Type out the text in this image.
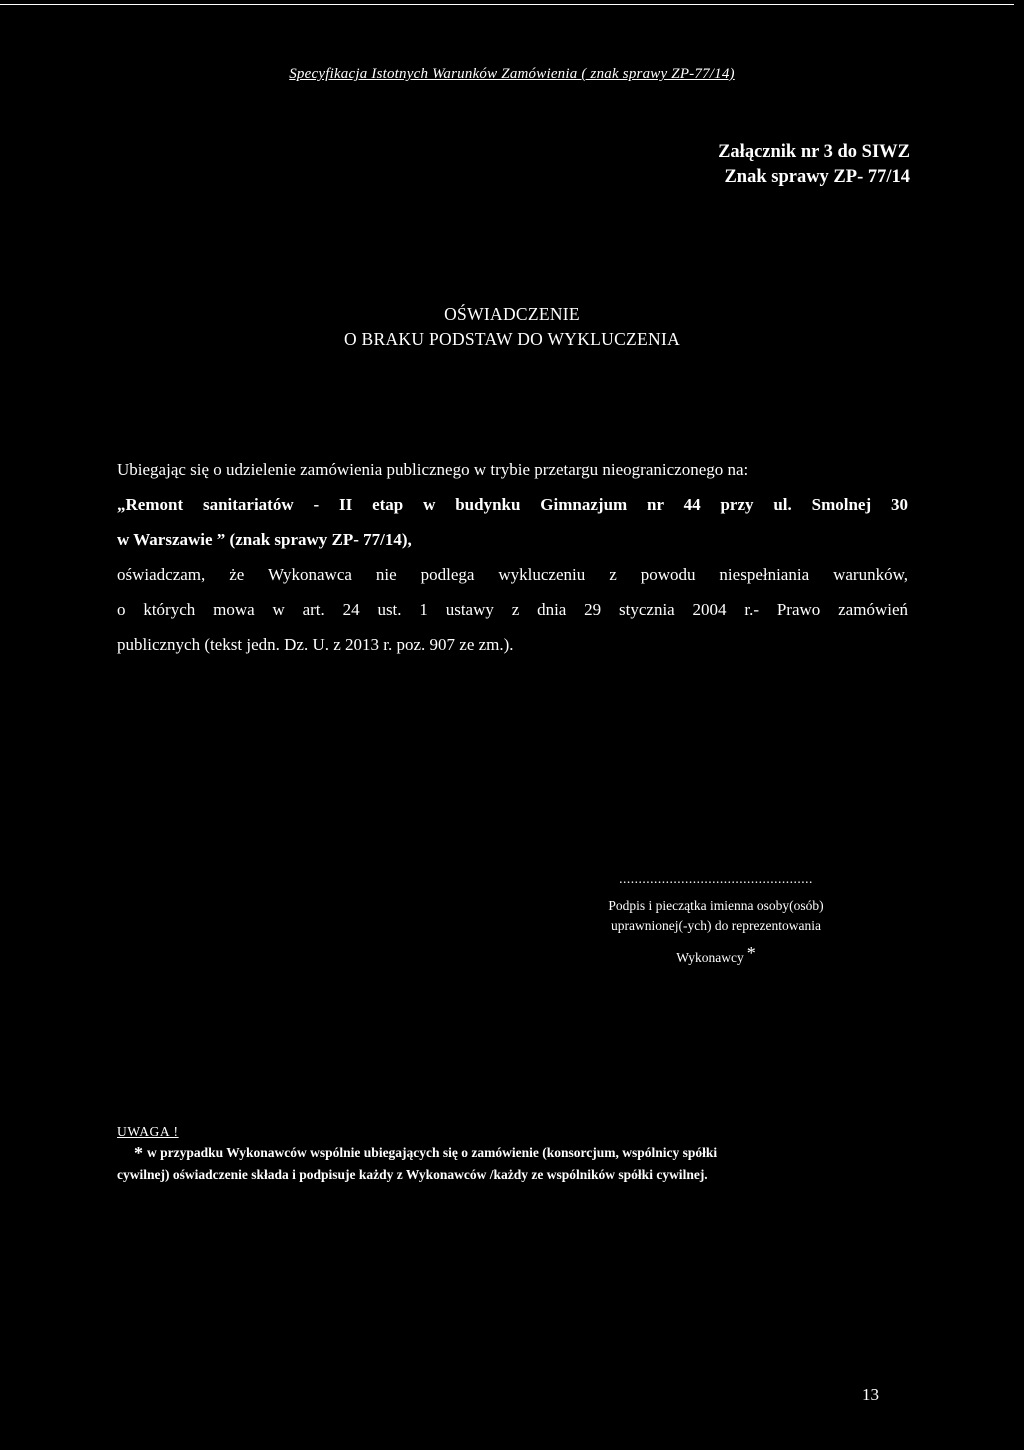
Specyfikacja Istotnych Warunków Zamówienia ( znak sprawy ZP-77/14)
Załącznik nr 3 do SIWZ
Znak sprawy ZP- 77/14
OŚWIADCZENIE
O BRAKU PODSTAW DO WYKLUCZENIA
Ubiegając się o udzielenie zamówienia publicznego w trybie przetargu nieograniczonego na:
„Remont sanitariatów - II etap w budynku Gimnazjum nr 44 przy ul. Smolnej 30
w Warszawie ” (znak sprawy ZP- 77/14),
oświadczam, że Wykonawca nie podlega wykluczeniu z powodu niespełniania warunków,
o których mowa w art. 24 ust. 1 ustawy z dnia 29 stycznia 2004 r.- Prawo zamówień
publicznych (tekst jedn. Dz. U. z 2013 r. poz. 907 ze zm.).
..................................................
Podpis i pieczątka imienna osoby(osób)
uprawnionej(-ych) do reprezentowania
Wykonawcy *
UWAGA !
* w przypadku Wykonawców wspólnie ubiegających się o zamówienie (konsorcjum, wspólnicy spółki
cywilnej) oświadczenie składa i podpisuje każdy z Wykonawców /każdy ze wspólników spółki cywilnej.
13
